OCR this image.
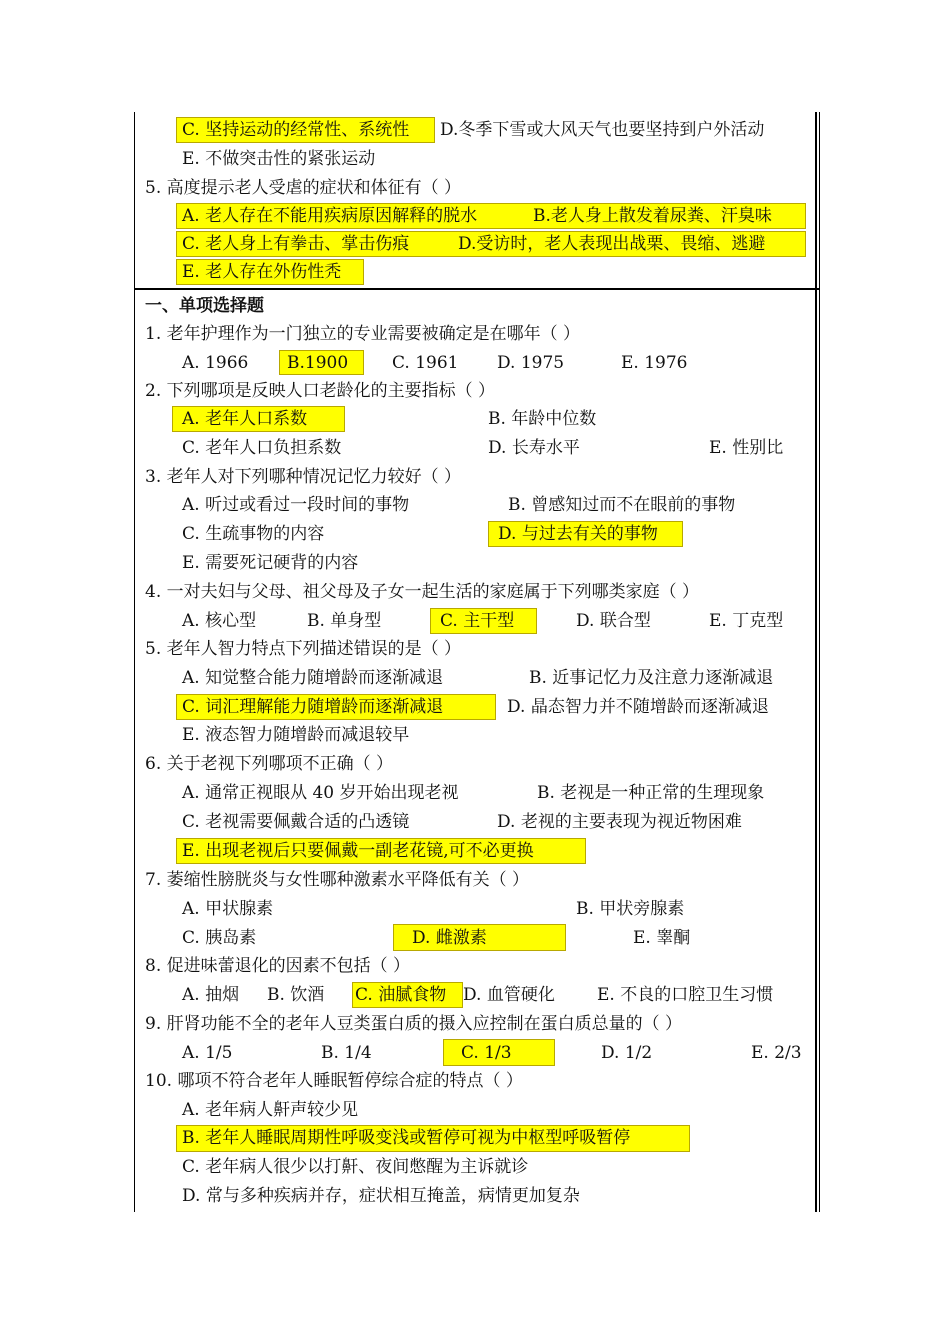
C. 坚持运动的经常性、系统性 D.冬季下雪或大风天气也要坚持到户外活动
E. 不做突击性的紧张运动
5. 高度提示老人受虐的症状和体征有（ ）
A. 老人存在不能用疾病原因解释的脱水	B.老人身上散发着尿粪、汗臭味
C. 老人身上有拳击、掌击伤痕	D.受访时，老人表现出战栗、畏缩、逃避
E. 老人存在外伤性秃
一、单项选择题
1. 老年护理作为一门独立的专业需要被确定是在哪年（ ）
A. 1966 B.1900	C. 1961 D. 1975	E. 1976
2. 下列哪项是反映人口老龄化的主要指标（ ）
A. 老年人口系数	B. 年龄中位数
C. 老年人口负担系数	D. 长寿水平	E. 性别比
3. 老年人对下列哪种情况记忆力较好（ ）
A. 听过或看过一段时间的事物	B. 曾感知过而不在眼前的事物
C. 生疏事物的内容	D. 与过去有关的事物
E. 需要死记硬背的内容
4. 一对夫妇与父母、祖父母及子女一起生活的家庭属于下列哪类家庭（ ）
A. 核心型	B. 单身型	C. 主干型	D. 联合型	E. 丁克型
5. 老年人智力特点下列描述错误的是（ ）
A. 知觉整合能力随增龄而逐渐减退	B. 近事记忆力及注意力逐渐减退
C. 词汇理解能力随增龄而逐渐减退	D. 晶态智力并不随增龄而逐渐减退
E. 液态智力随增龄而减退较早
6. 关于老视下列哪项不正确（ ）
A. 通常正视眼从 40 岁开始出现老视	B. 老视是一种正常的生理现象
C. 老视需要佩戴合适的凸透镜	D. 老视的主要表现为视近物困难
E. 出现老视后只要佩戴一副老花镜,可不必更换
7. 萎缩性膀胱炎与女性哪种激素水平降低有关（ ）
A. 甲状腺素	B. 甲状旁腺素
C. 胰岛素	D. 雌激素	E. 睾酮
8. 促进味蕾退化的因素不包括（ ）
A. 抽烟 B. 饮酒 C. 油腻食物 D. 血管硬化 E. 不良的口腔卫生习惯
9. 肝肾功能不全的老年人豆类蛋白质的摄入应控制在蛋白质总量的（ ）
A. 1/5	B. 1/4	C. 1/3	D. 1/2	E. 2/3
10. 哪项不符合老年人睡眠暂停综合症的特点（ ）
A. 老年病人鼾声较少见
B. 老年人睡眠周期性呼吸变浅或暂停可视为中枢型呼吸暂停
C. 老年病人很少以打鼾、夜间憋醒为主诉就诊
D. 常与多种疾病并存，症状相互掩盖，病情更加复杂
